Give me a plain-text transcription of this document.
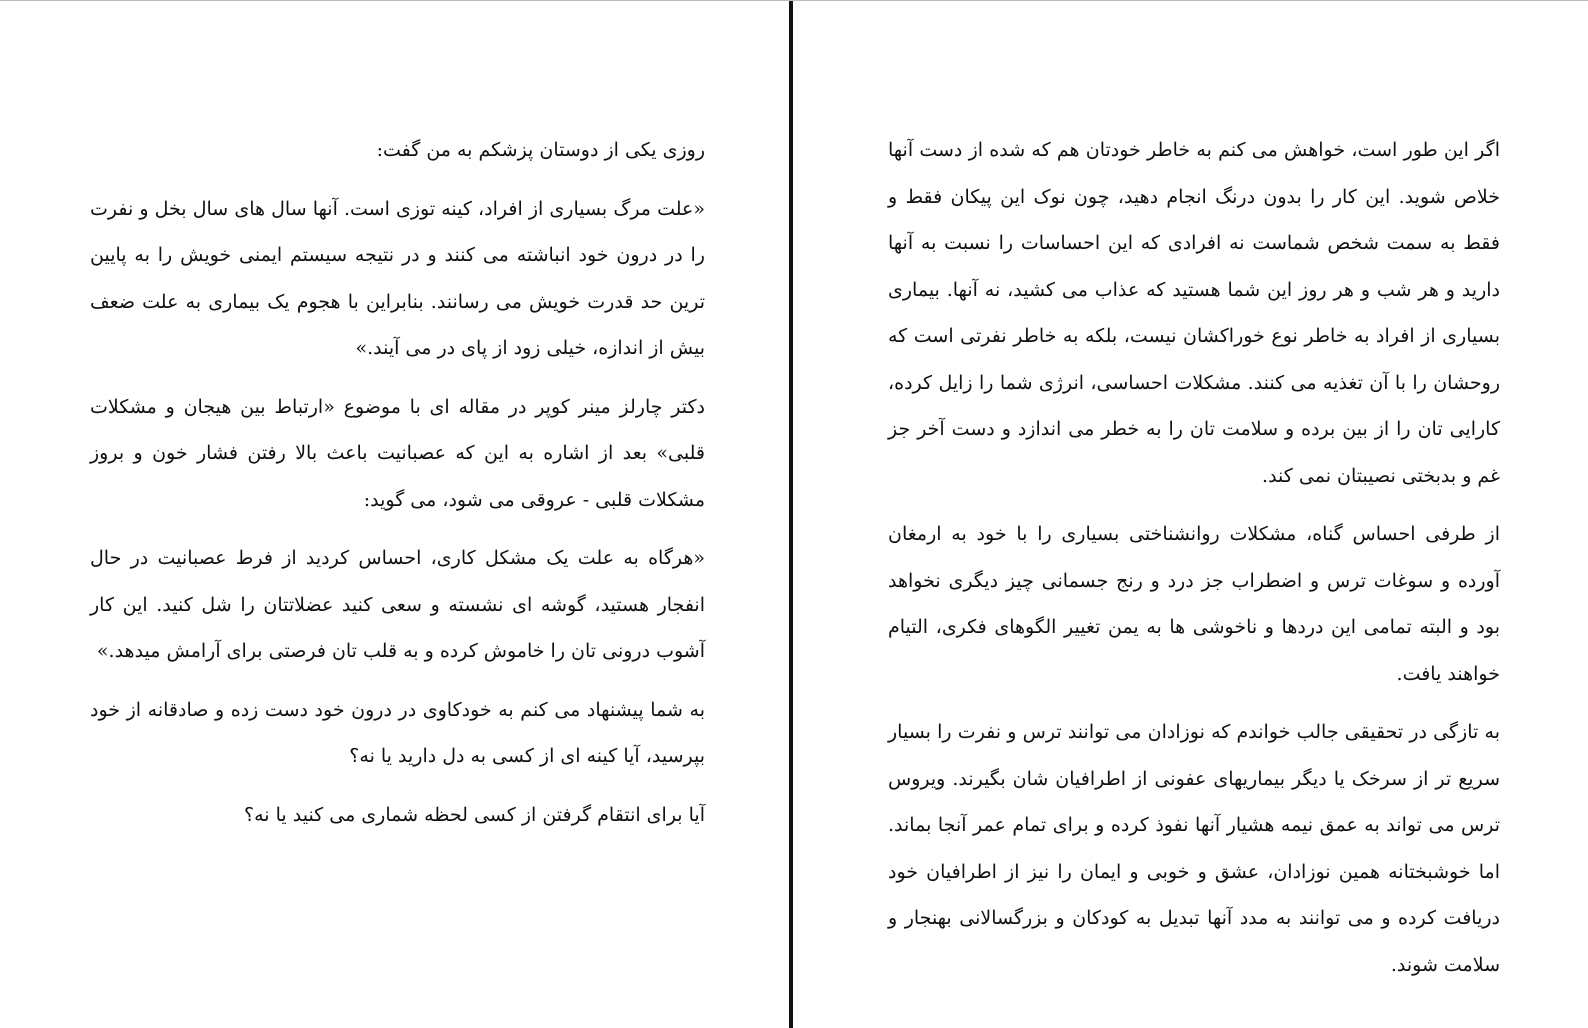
روزی یکی از دوستان پزشکم به من گفت:

«علت مرگ بسیاری از افراد، کینه توزی است. آنها سال های سال بخل و نفرت را در درون خود انباشته می کنند و در نتیجه سیستم ایمنی خویش را به پایین ترین حد قدرت خویش می رسانند. بنابراین با هجوم یک بیماری به علت ضعف بیش از اندازه، خیلی زود از پای در می آیند.»

دکتر چارلز مینر کوپر در مقاله ای با موضوع «ارتباط بین هیجان و مشکلات قلبی» بعد از اشاره به این که عصبانیت باعث بالا رفتن فشار خون و بروز مشکلات قلبی - عروقی می شود، می گوید:

«هرگاه به علت یک مشکل کاری، احساس کردید از فرط عصبانیت در حال انفجار هستید، گوشه ای نشسته و سعی کنید عضلاتتان را شل کنید. این کار آشوب درونی تان را خاموش کرده و به قلب تان فرصتی برای آرامش میدهد.»

به شما پیشنهاد می کنم به خودکاوی در درون خود دست زده و صادقانه از خود بپرسید، آیا کینه ای از کسی به دل دارید یا نه؟

آیا برای انتقام گرفتن از کسی لحظه شماری می کنید یا نه؟

اگر این طور است، خواهش می کنم به خاطر خودتان هم که شده از دست آنها خلاص شوید. این کار را بدون درنگ انجام دهید، چون نوک این پیکان فقط و فقط به سمت شخص شماست نه افرادی که این احساسات را نسبت به آنها دارید و هر شب و هر روز این شما هستید که عذاب می کشید، نه آنها. بیماری بسیاری از افراد به خاطر نوع خوراکشان نیست، بلکه به خاطر نفرتی است که روحشان را با آن تغذیه می کنند. مشکلات احساسی، انرژی شما را زایل کرده، کارایی تان را از بین برده و سلامت تان را به خطر می اندازد و دست آخر جز غم و بدبختی نصیبتان نمی کند.

از طرفی احساس گناه، مشکلات روانشناختی بسیاری را با خود به ارمغان آورده و سوغات ترس و اضطراب جز درد و رنج جسمانی چیز دیگری نخواهد بود و البته تمامی این دردها و ناخوشی ها به یمن تغییر الگوهای فکری، التیام خواهند یافت.

به تازگی در تحقیقی جالب خواندم که نوزادان می توانند ترس و نفرت را بسیار سریع تر از سرخک یا دیگر بیماریهای عفونی از اطرافیان شان بگیرند. ویروس ترس می تواند به عمق نیمه هشیار آنها نفوذ کرده و برای تمام عمر آنجا بماند. اما خوشبختانه همین نوزادان، عشق و خوبی و ایمان را نیز از اطرافیان خود دریافت کرده و می توانند به مدد آنها تبدیل به کودکان و بزرگسالانی بهنجار و سلامت شوند.
